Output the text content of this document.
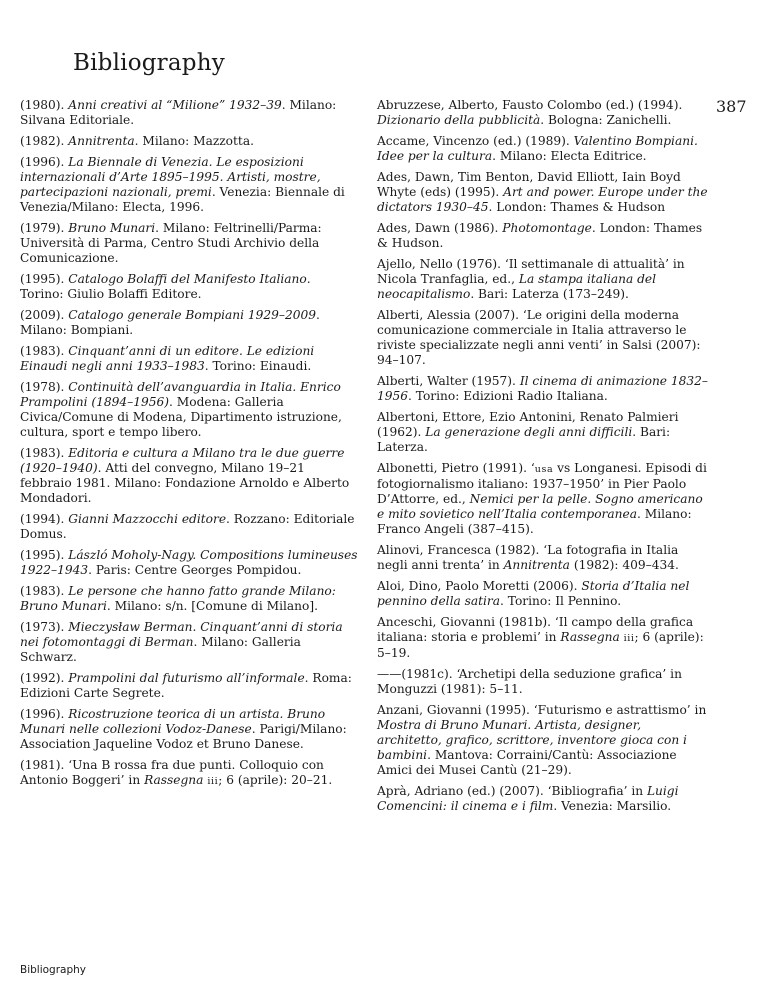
Bibliography
387

(1980). Anni creativi al “Milione” 1932–39. Milano: Silvana Editoriale.

(1982). Annitrenta. Milano: Mazzotta.

(1996). La Biennale di Venezia. Le esposizioni internazionali d’Arte 1895–1995. Artisti, mostre, partecipazioni nazionali, premi. Venezia: Biennale di Venezia/Milano: Electa, 1996.

(1979). Bruno Munari. Milano: Feltrinelli/Parma: Università di Parma, Centro Studi Archivio della Comunicazione.

(1995). Catalogo Bolaffi del Manifesto Italiano. Torino: Giulio Bolaffi Editore.

(2009). Catalogo generale Bompiani 1929–2009. Milano: Bompiani.

(1983). Cinquant’anni di un editore. Le edizioni Einaudi negli anni 1933–1983. Torino: Einaudi.

(1978). Continuità dell’avanguardia in Italia. Enrico Prampolini (1894–1956). Modena: Galleria Civica/Comune di Modena, Dipartimento istruzione, cultura, sport e tempo libero.

(1983). Editoria e cultura a Milano tra le due guerre (1920–1940). Atti del convegno, Milano 19–21 febbraio 1981. Milano: Fondazione Arnoldo e Alberto Mondadori.

(1994). Gianni Mazzocchi editore. Rozzano: Editoriale Domus.

(1995). László Moholy-Nagy. Compositions lumineuses 1922–1943. Paris: Centre Georges Pompidou.

(1983). Le persone che hanno fatto grande Milano: Bruno Munari. Milano: s/n. [Comune di Milano].

(1973). Mieczysław Berman. Cinquant’anni di storia nei fotomontaggi di Berman. Milano: Galleria Schwarz.

(1992). Prampolini dal futurismo all’informale. Roma: Edizioni Carte Segrete.

(1996). Ricostruzione teorica di un artista. Bruno Munari nelle collezioni Vodoz-Danese. Parigi/Milano: Association Jaqueline Vodoz et Bruno Danese.

(1981). ‘Una B rossa fra due punti. Colloquio con Antonio Boggeri’ in Rassegna iii; 6 (aprile): 20–21.

Abruzzese, Alberto, Fausto Colombo (ed.) (1994). Dizionario della pubblicità. Bologna: Zanichelli.

Accame, Vincenzo (ed.) (1989). Valentino Bompiani. Idee per la cultura. Milano: Electa Editrice.

Ades, Dawn, Tim Benton, David Elliott, Iain Boyd Whyte (eds) (1995). Art and power. Europe under the dictators 1930–45. London: Thames & Hudson

Ades, Dawn (1986). Photomontage. London: Thames & Hudson.

Ajello, Nello (1976). ‘Il settimanale di attualità’ in Nicola Tranfaglia, ed., La stampa italiana del neocapitalismo. Bari: Laterza (173–249).

Alberti, Alessia (2007). ‘Le origini della moderna comunicazione commerciale in Italia attraverso le riviste specializzate negli anni venti’ in Salsi (2007): 94–107.

Alberti, Walter (1957). Il cinema di animazione 1832–1956. Torino: Edizioni Radio Italiana.

Albertoni, Ettore, Ezio Antonini, Renato Palmieri (1962). La generazione degli anni difficili. Bari: Laterza.

Albonetti, Pietro (1991). ‘usa vs Longanesi. Episodi di fotogiornalismo italiano: 1937–1950’ in Pier Paolo D’Attorre, ed., Nemici per la pelle. Sogno americano e mito sovietico nell’Italia contemporanea. Milano: Franco Angeli (387–415).

Alinovi, Francesca (1982). ‘La fotografia in Italia negli anni trenta’ in Annitrenta (1982): 409–434.

Aloi, Dino, Paolo Moretti (2006). Storia d’Italia nel pennino della satira. Torino: Il Pennino.

Anceschi, Giovanni (1981b). ‘Il campo della grafica italiana: storia e problemi’ in Rassegna iii; 6 (aprile): 5–19.

——(1981c). ‘Archetipi della seduzione grafica’ in Monguzzi (1981): 5–11.

Anzani, Giovanni (1995). ‘Futurismo e astrattismo’ in Mostra di Bruno Munari. Artista, designer, architetto, grafico, scrittore, inventore gioca con i bambini. Mantova: Corraini/Cantù: Associazione Amici dei Musei Cantù (21–29).

Aprà, Adriano (ed.) (2007). ‘Bibliografia’ in Luigi Comencini: il cinema e i film. Venezia: Marsilio.

Bibliography
